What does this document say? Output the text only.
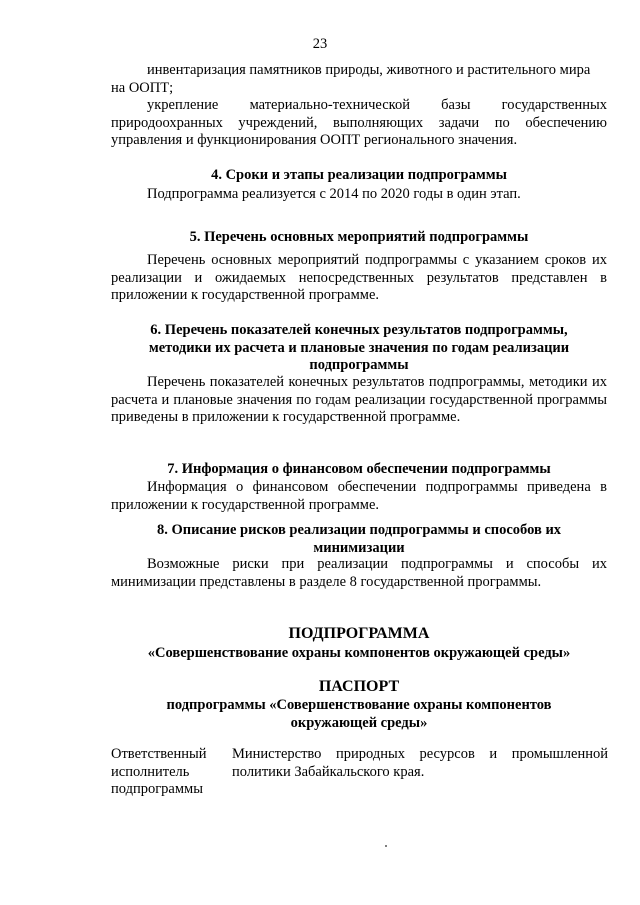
23
инвентаризация памятников природы, животного и растительного мира
на ООПТ;
укрепление материально-технической базы государственных природоохранных учреждений, выполняющих задачи по обеспечению управления и функционирования ООПТ регионального значения.
4. Сроки и этапы реализации подпрограммы
Подпрограмма реализуется с 2014 по 2020 годы в один этап.
5. Перечень основных мероприятий подпрограммы
Перечень основных мероприятий подпрограммы с указанием сроков их реализации и ожидаемых непосредственных результатов представлен в приложении к государственной программе.
6. Перечень показателей конечных результатов подпрограммы,
методики их расчета и плановые значения по годам реализации
подпрограммы
Перечень показателей конечных результатов подпрограммы, методики их расчета и плановые значения по годам реализации государственной программы приведены в приложении к государственной программе.
7. Информация о финансовом обеспечении подпрограммы
Информация о финансовом обеспечении подпрограммы приведена в приложении к государственной программе.
8. Описание рисков реализации подпрограммы и способов их
минимизации
Возможные риски при реализации подпрограммы и способы их минимизации представлены в разделе 8 государственной программы.
ПОДПРОГРАММА
«Совершенствование охраны компонентов окружающей среды»
ПАСПОРТ
подпрограммы «Совершенствование охраны компонентов
окружающей среды»
Ответственный
исполнитель
подпрограммы
Министерство природных ресурсов и промышленной политики Забайкальского края.
